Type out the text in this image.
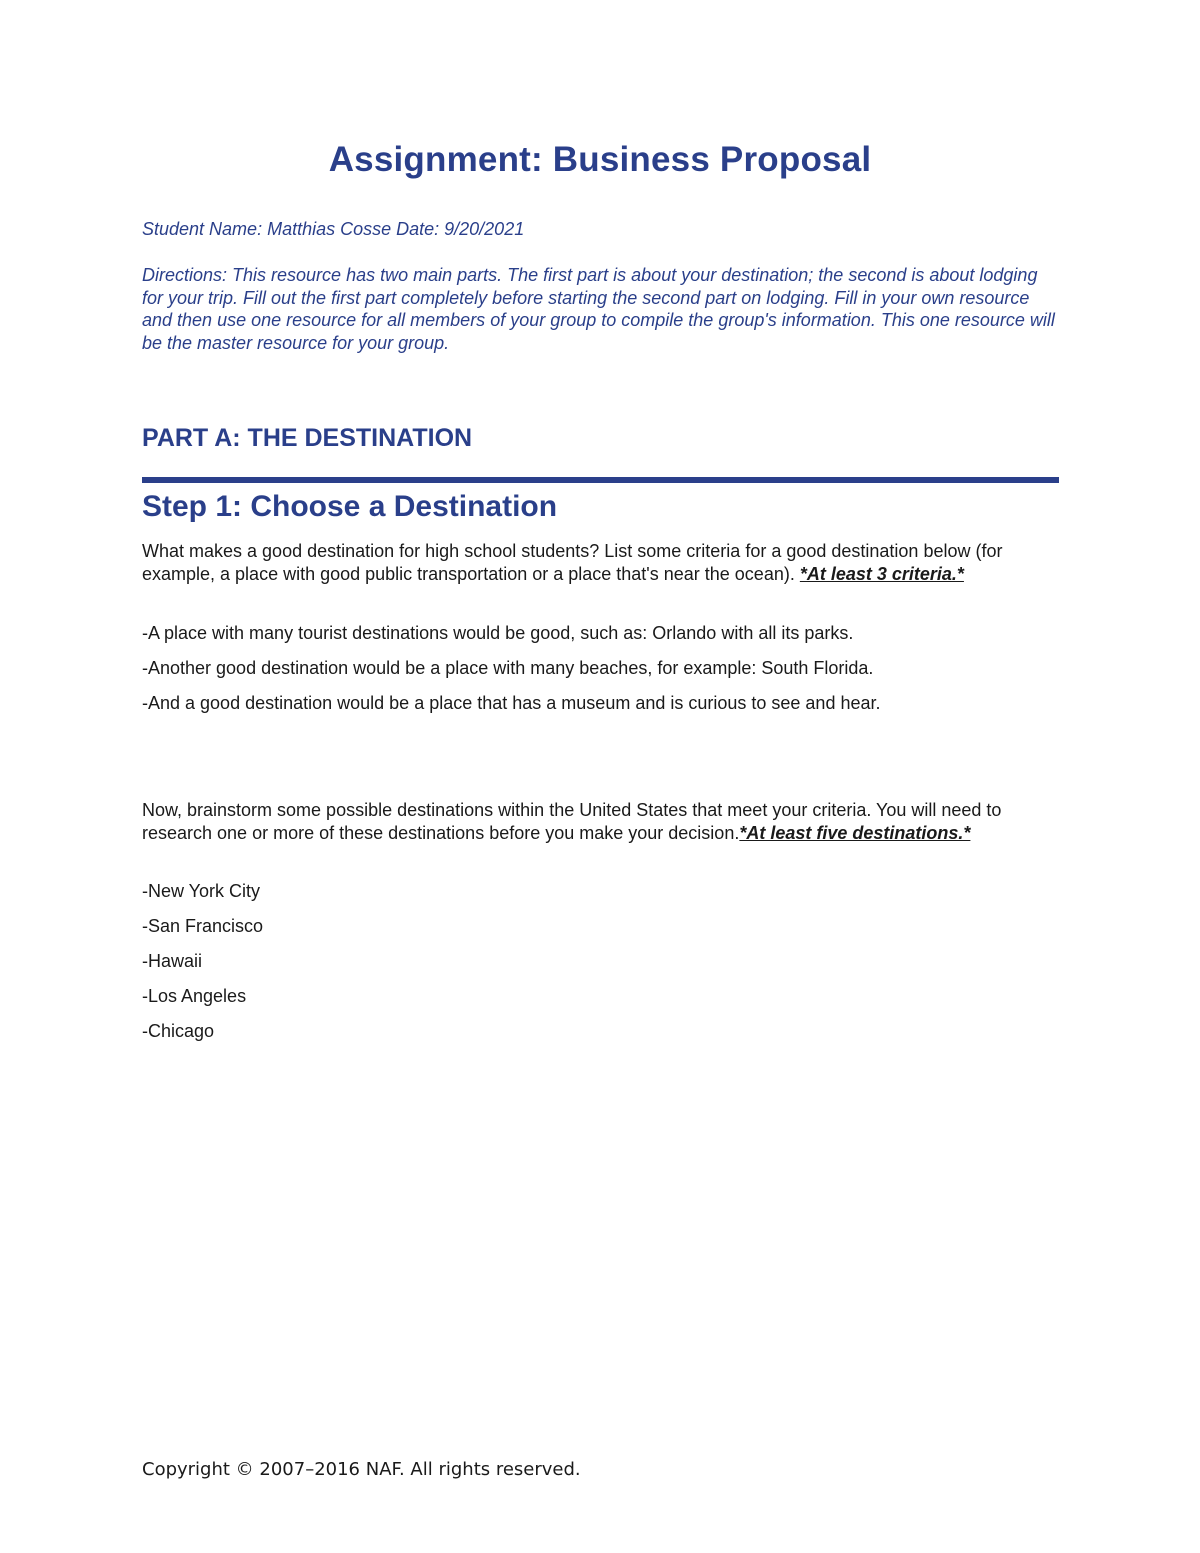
Assignment: Business Proposal
Student Name: Matthias Cosse Date: 9/20/2021
Directions: This resource has two main parts. The first part is about your destination; the second is about lodging for your trip. Fill out the first part completely before starting the second part on lodging. Fill in your own resource and then use one resource for all members of your group to compile the group's information. This one resource will be the master resource for your group.
PART A: THE DESTINATION
Step 1: Choose a Destination
What makes a good destination for high school students? List some criteria for a good destination below (for example, a place with good public transportation or a place that's near the ocean). *At least 3 criteria.*
-A place with many tourist destinations would be good, such as: Orlando with all its parks.
-Another good destination would be a place with many beaches, for example: South Florida.
-And a good destination would be a place that has a museum and is curious to see and hear.
Now, brainstorm some possible destinations within the United States that meet your criteria. You will need to research one or more of these destinations before you make your decision.*At least five destinations.*
-New York City
-San Francisco
-Hawaii
-Los Angeles
-Chicago
Copyright © 2007–2016 NAF. All rights reserved.
